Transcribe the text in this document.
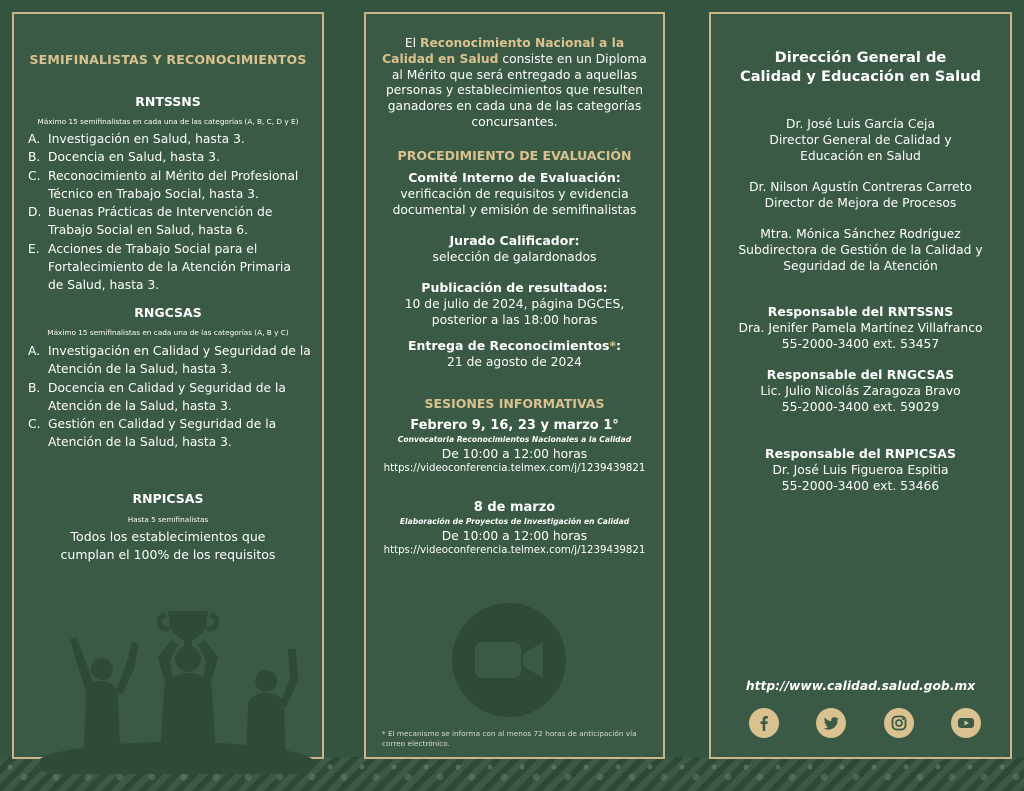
SEMIFINALISTAS Y RECONOCIMIENTOS
RNTSSNS
Máximo 15 semifinalistas en cada una de las categorías (A, B, C, D y E)
A. Investigación en Salud, hasta 3.
B. Docencia en Salud, hasta 3.
C. Reconocimiento al Mérito del Profesional
Técnico en Trabajo Social, hasta 3.
D. Buenas Prácticas de Intervención de
Trabajo Social en Salud, hasta 6.
E. Acciones de Trabajo Social para el
Fortalecimiento de la Atención Primaria
de Salud, hasta 3.
RNGCSAS
Máximo 15 semifinalistas en cada una de las categorías (A, B y C)
A. Investigación en Calidad y Seguridad de la
Atención de la Salud, hasta 3.
B. Docencia en Calidad y Seguridad de la
Atención de la Salud, hasta 3.
C. Gestión en Calidad y Seguridad de la
Atención de la Salud, hasta 3.
RNPICSAS
Hasta 5 semifinalistas
Todos los establecimientos que
cumplan el 100% de los requisitos
El Reconocimiento Nacional a la Calidad en Salud consiste en un Diploma al Mérito que será entregado a aquellas personas y establecimientos que resulten ganadores en cada una de las categorías concursantes.
PROCEDIMIENTO DE EVALUACIÓN
Comité Interno de Evaluación:
verificación de requisitos y evidencia
documental y emisión de semifinalistas
Jurado Calificador:
selección de galardonados
Publicación de resultados:
10 de julio de 2024, página DGCES,
posterior a las 18:00 horas
Entrega de Reconocimientos*:
21 de agosto de 2024
SESIONES INFORMATIVAS
Febrero 9, 16, 23 y marzo 1°
Convocatoria Reconocimientos Nacionales a la Calidad
De 10:00 a 12:00 horas
https://videoconferencia.telmex.com/j/1239439821
8 de marzo
Elaboración de Proyectos de Investigación en Calidad
De 10:00 a 12:00 horas
https://videoconferencia.telmex.com/j/1239439821
* El mecanismo se informa con al menos 72 horas de anticipación vía correo electrónico.
Dirección General de
Calidad y Educación en Salud
Dr. José Luis García Ceja
Director General de Calidad y
Educación en Salud
Dr. Nilson Agustín Contreras Carreto
Director de Mejora de Procesos
Mtra. Mónica Sánchez Rodríguez
Subdirectora de Gestión de la Calidad y
Seguridad de la Atención
Responsable del RNTSSNS
Dra. Jenifer Pamela Martínez Villafranco
55-2000-3400 ext. 53457
Responsable del RNGCSAS
Lic. Julio Nicolás Zaragoza Bravo
55-2000-3400 ext. 59029
Responsable del RNPICSAS
Dr. José Luis Figueroa Espitia
55-2000-3400 ext. 53466
http://www.calidad.salud.gob.mx
